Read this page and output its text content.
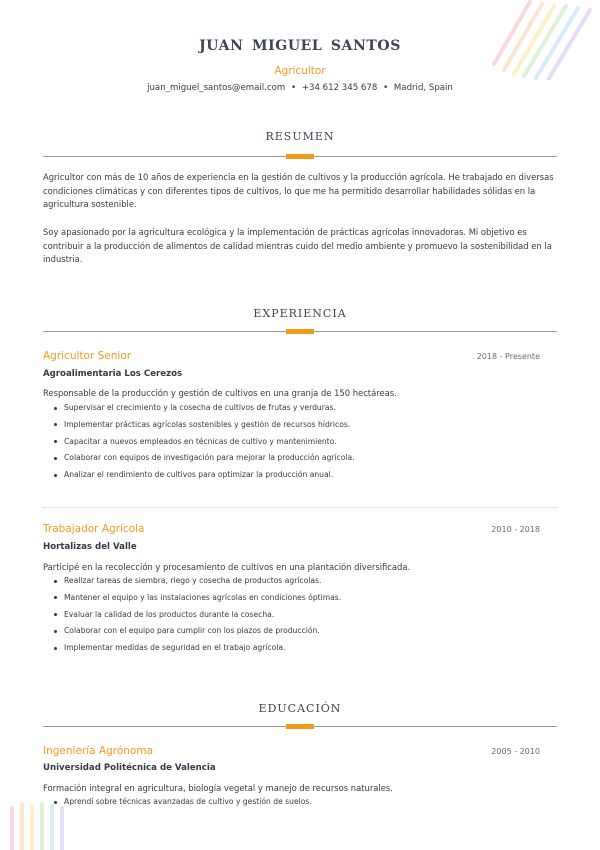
JUAN MIGUEL SANTOS
Agricultor
juan_miguel_santos@email.com • +34 612 345 678 • Madrid, Spain
RESUMEN
Agricultor con más de 10 años de experiencia en la gestión de cultivos y la producción agrícola. He trabajado en diversas condiciones climáticas y con diferentes tipos de cultivos, lo que me ha permitido desarrollar habilidades sólidas en la agricultura sostenible.
Soy apasionado por la agricultura ecológica y la implementación de prácticas agrícolas innovadoras. Mi objetivo es contribuir a la producción de alimentos de calidad mientras cuido del medio ambiente y promuevo la sostenibilidad en la industria.
EXPERIENCIA
Agricultor Senior	2018 - Presente
Agroalimentaria Los Cerezos
Responsable de la producción y gestión de cultivos en una granja de 150 hectáreas.
Supervisar el crecimiento y la cosecha de cultivos de frutas y verduras.
Implementar prácticas agrícolas sostenibles y gestión de recursos hídricos.
Capacitar a nuevos empleados en técnicas de cultivo y mantenimiento.
Colaborar con equipos de investigación para mejorar la producción agrícola.
Analizar el rendimiento de cultivos para optimizar la producción anual.
Trabajador Agrícola	2010 - 2018
Hortalizas del Valle
Participé en la recolección y procesamiento de cultivos en una plantación diversificada.
Realizar tareas de siembra, riego y cosecha de productos agrícolas.
Mantener el equipo y las instalaciones agrícolas en condiciones óptimas.
Evaluar la calidad de los productos durante la cosecha.
Colaborar con el equipo para cumplir con los plazos de producción.
Implementar medidas de seguridad en el trabajo agrícola.
EDUCACIÓN
Ingeniería Agrónoma	2005 - 2010
Universidad Politécnica de Valencia
Formación integral en agricultura, biología vegetal y manejo de recursos naturales.
Aprendí sobre técnicas avanzadas de cultivo y gestión de suelos.
